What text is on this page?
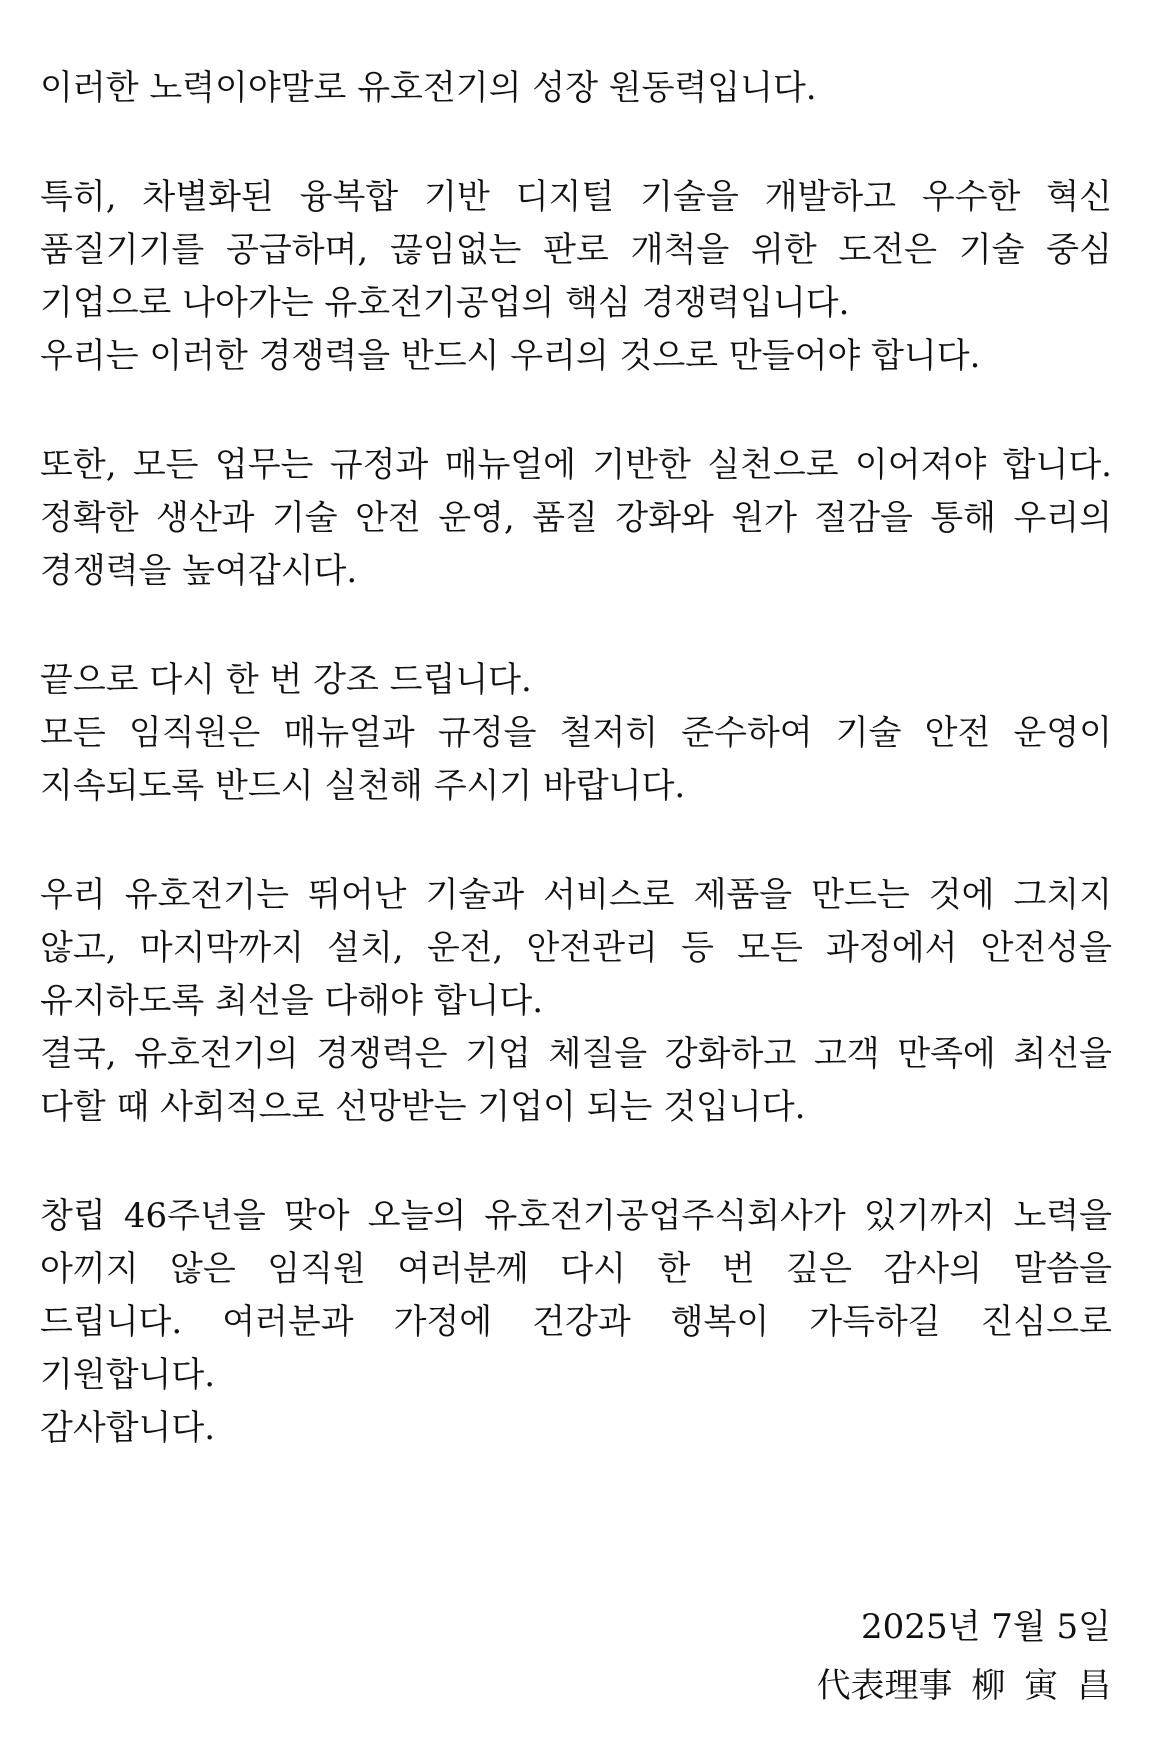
이러한 노력이야말로 유호전기의 성장 원동력입니다.
특히, 차별화된 융복합 기반 디지털 기술을 개발하고 우수한 혁신
품질기기를 공급하며, 끊임없는 판로 개척을 위한 도전은 기술 중심
기업으로 나아가는 유호전기공업의 핵심 경쟁력입니다.
우리는 이러한 경쟁력을 반드시 우리의 것으로 만들어야 합니다.
또한, 모든 업무는 규정과 매뉴얼에 기반한 실천으로 이어져야 합니다.
정확한 생산과 기술 안전 운영, 품질 강화와 원가 절감을 통해 우리의
경쟁력을 높여갑시다.
끝으로 다시 한 번 강조 드립니다.
모든 임직원은 매뉴얼과 규정을 철저히 준수하여 기술 안전 운영이
지속되도록 반드시 실천해 주시기 바랍니다.
우리 유호전기는 뛰어난 기술과 서비스로 제품을 만드는 것에 그치지
않고, 마지막까지 설치, 운전, 안전관리 등 모든 과정에서 안전성을
유지하도록 최선을 다해야 합니다.
결국, 유호전기의 경쟁력은 기업 체질을 강화하고 고객 만족에 최선을
다할 때 사회적으로 선망받는 기업이 되는 것입니다.
창립 46주년을 맞아 오늘의 유호전기공업주식회사가 있기까지 노력을
아끼지 않은 임직원 여러분께 다시 한 번 깊은 감사의 말씀을
드립니다. 여러분과 가정에 건강과 행복이 가득하길 진심으로
기원합니다.
감사합니다.
2025년 7월 5일
代表理事 柳 寅 昌
